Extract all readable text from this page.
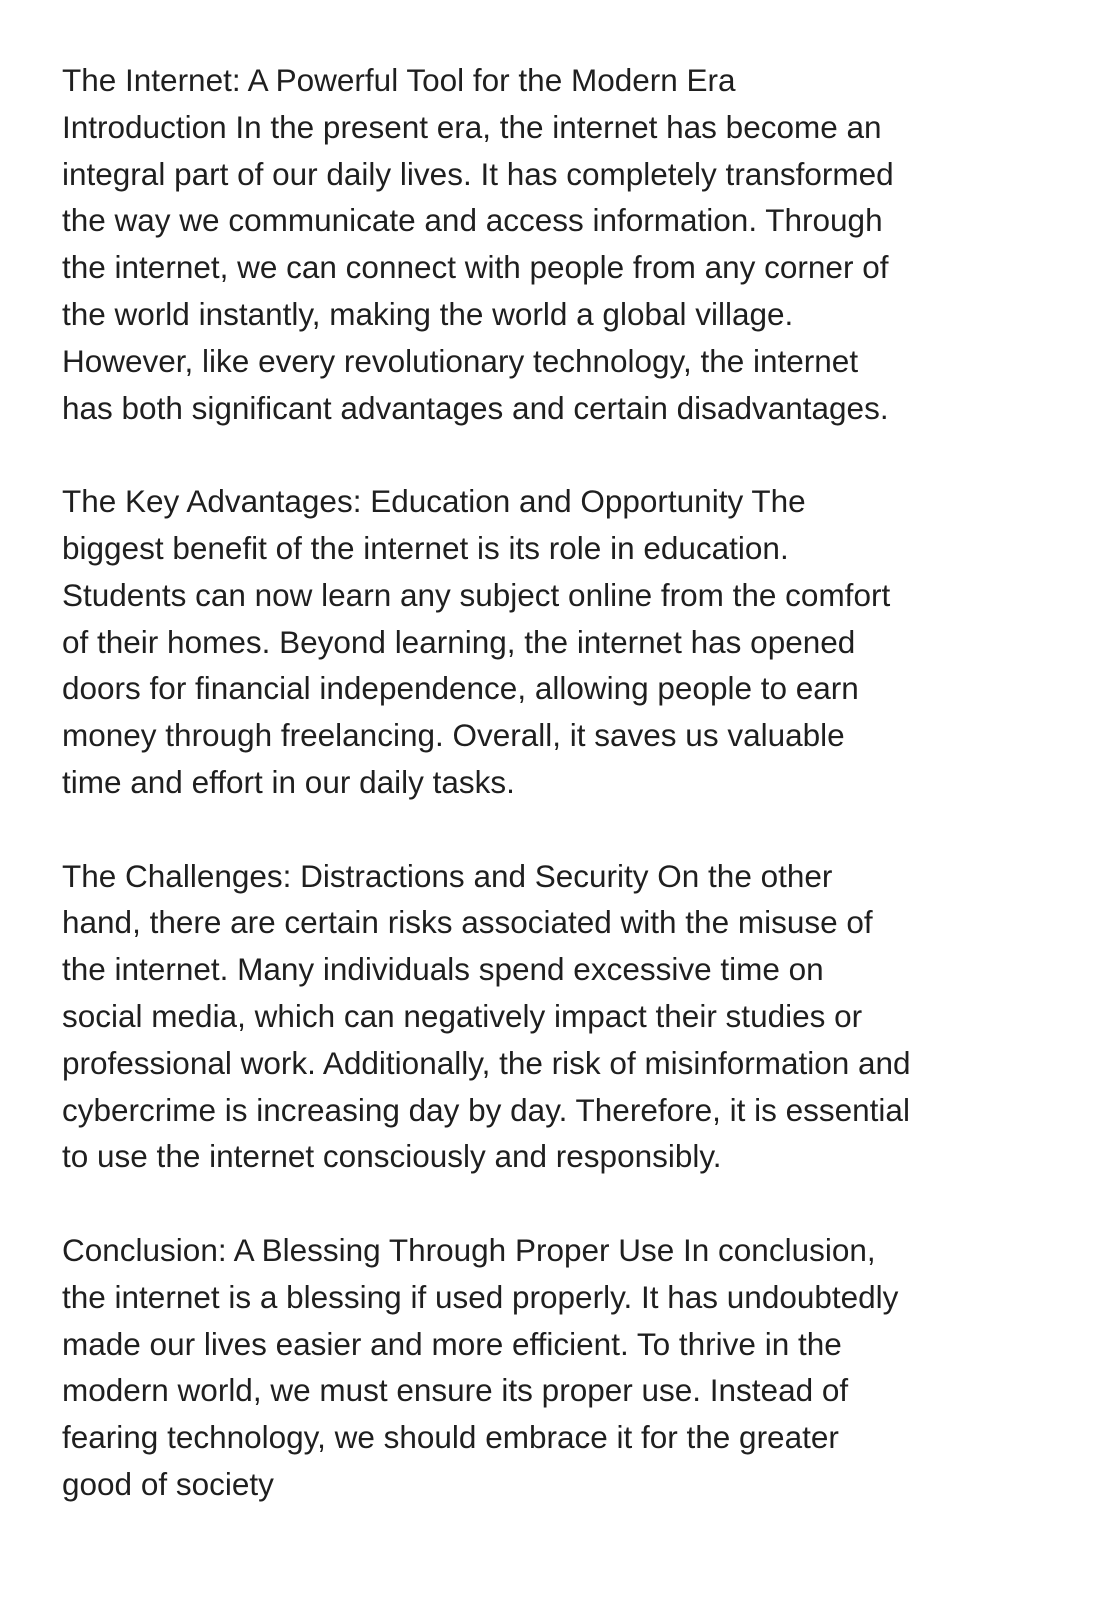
The Internet: A Powerful Tool for the Modern Era
Introduction In the present era, the internet has become an
integral part of our daily lives. It has completely transformed
the way we communicate and access information. Through
the internet, we can connect with people from any corner of
the world instantly, making the world a global village.
However, like every revolutionary technology, the internet
has both significant advantages and certain disadvantages.
The Key Advantages: Education and Opportunity The
biggest benefit of the internet is its role in education.
Students can now learn any subject online from the comfort
of their homes. Beyond learning, the internet has opened
doors for financial independence, allowing people to earn
money through freelancing. Overall, it saves us valuable
time and effort in our daily tasks.
The Challenges: Distractions and Security On the other
hand, there are certain risks associated with the misuse of
the internet. Many individuals spend excessive time on
social media, which can negatively impact their studies or
professional work. Additionally, the risk of misinformation and
cybercrime is increasing day by day. Therefore, it is essential
to use the internet consciously and responsibly.
Conclusion: A Blessing Through Proper Use In conclusion,
the internet is a blessing if used properly. It has undoubtedly
made our lives easier and more efficient. To thrive in the
modern world, we must ensure its proper use. Instead of
fearing technology, we should embrace it for the greater
good of society
